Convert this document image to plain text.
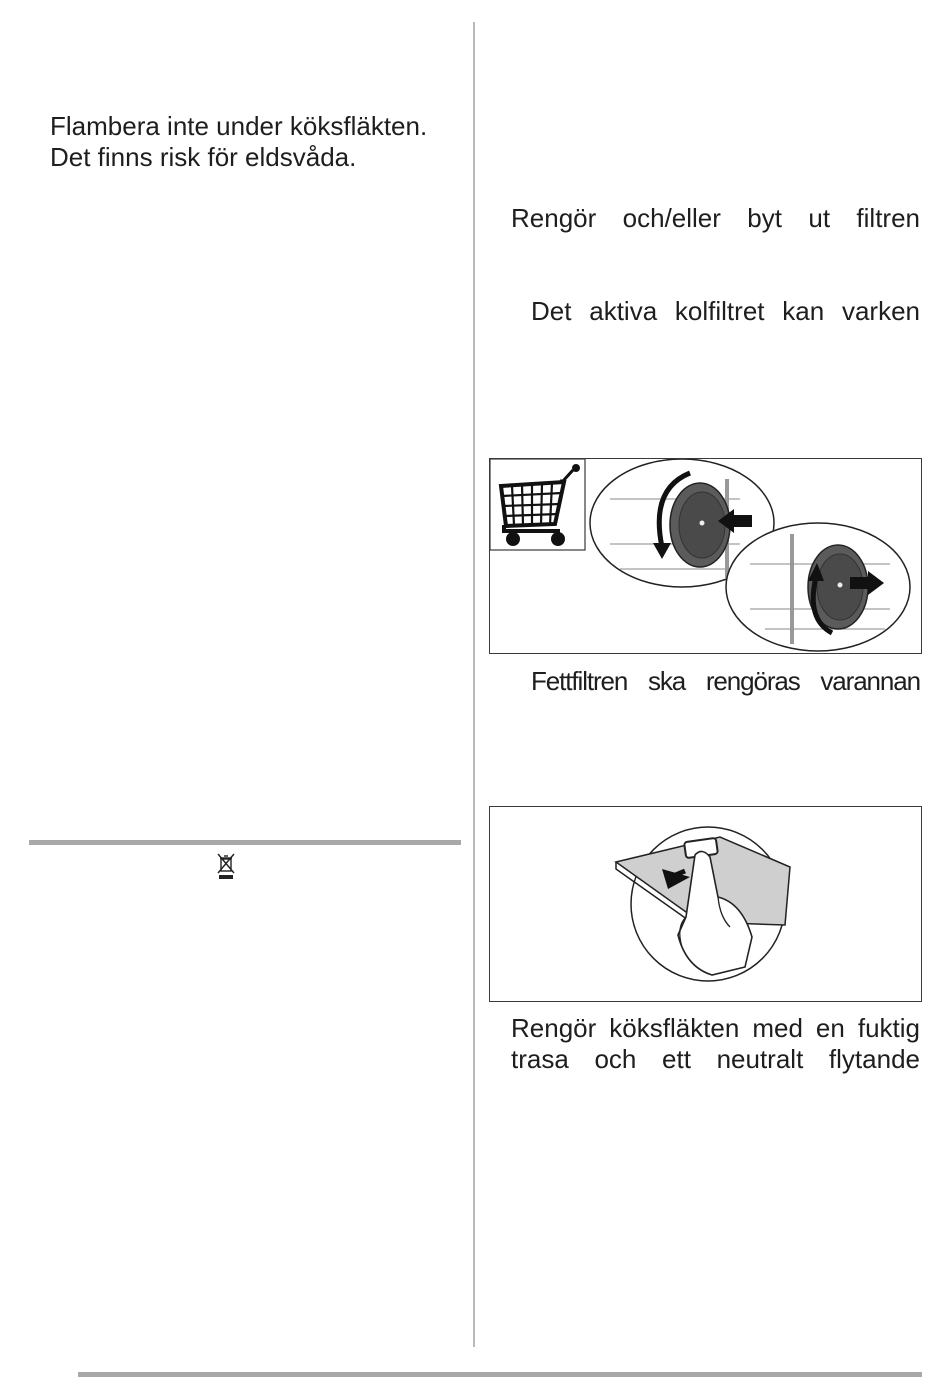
Flambera inte under köksfläkten.

Det finns risk för eldsvåda.

Rengör och/eller byt ut filtren

Det aktiva kolfiltret kan varken

Fettfiltren ska rengöras varannan

Rengör köksfläkten med en fuktig

trasa och ett neutralt flytande
